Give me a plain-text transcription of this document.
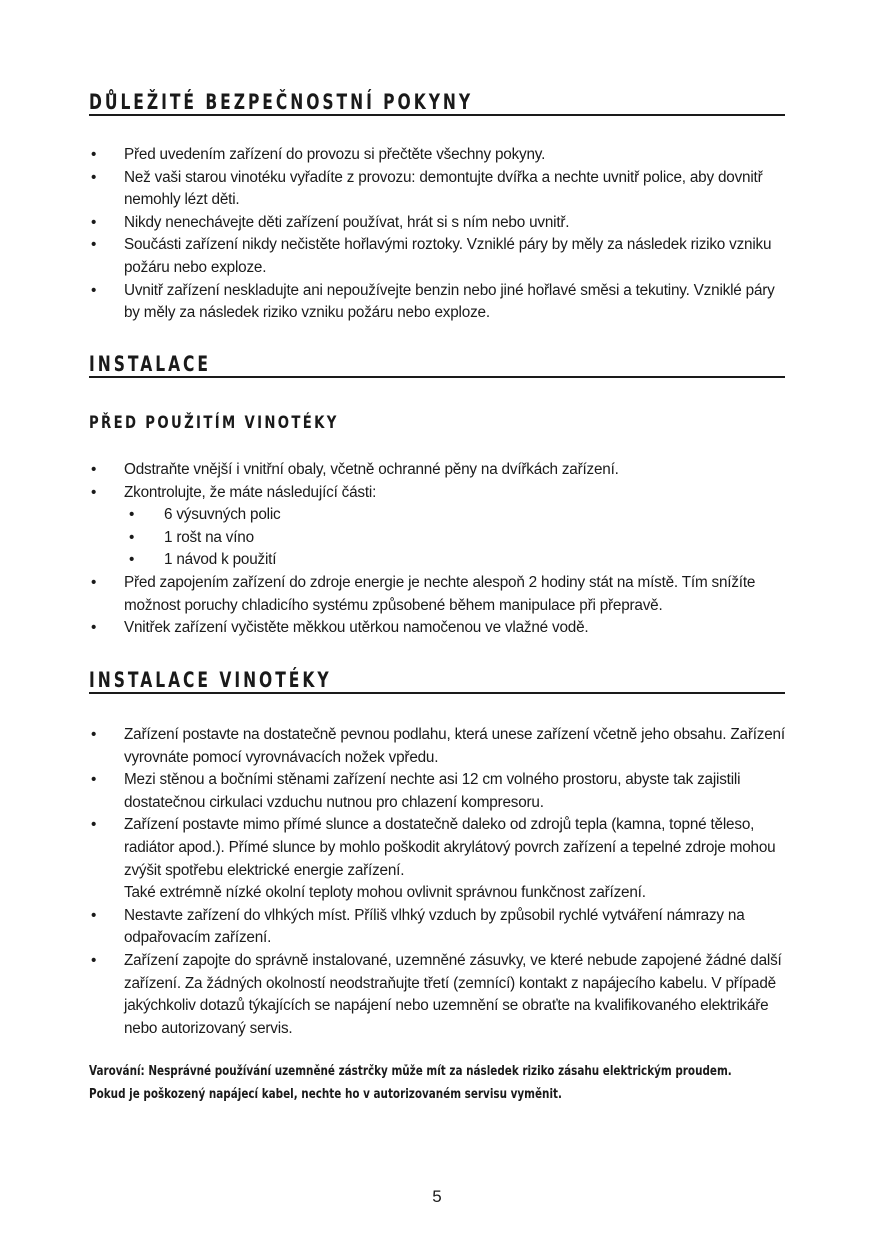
DŮLEŽITÉ BEZPEČNOSTNÍ POKYNY
• Před uvedením zařízení do provozu si přečtěte všechny pokyny.
• Než vaši starou vinotéku vyřadíte z provozu: demontujte dvířka a nechte uvnitř police, aby dovnitř nemohly lézt děti.
• Nikdy nenechávejte děti zařízení používat, hrát si s ním nebo uvnitř.
• Součásti zařízení nikdy nečistěte hořlavými roztoky. Vzniklé páry by měly za následek riziko vzniku požáru nebo exploze.
• Uvnitř zařízení neskladujte ani nepoužívejte benzin nebo jiné hořlavé směsi a tekutiny. Vzniklé páry by měly za následek riziko vzniku požáru nebo exploze.
INSTALACE
PŘED POUŽITÍM VINOTÉKY
• Odstraňte vnější i vnitřní obaly, včetně ochranné pěny na dvířkách zařízení.
• Zkontrolujte, že máte následující části:
• 6 výsuvných polic
• 1 rošt na víno
• 1 návod k použití
• Před zapojením zařízení do zdroje energie je nechte alespoň 2 hodiny stát na místě. Tím snížíte možnost poruchy chladicího systému způsobené během manipulace při přepravě.
• Vnitřek zařízení vyčistěte měkkou utěrkou namočenou ve vlažné vodě.
INSTALACE VINOTÉKY
• Zařízení postavte na dostatečně pevnou podlahu, která unese zařízení včetně jeho obsahu. Zařízení vyrovnáte pomocí vyrovnávacích nožek vpředu.
• Mezi stěnou a bočními stěnami zařízení nechte asi 12 cm volného prostoru, abyste tak zajistili dostatečnou cirkulaci vzduchu nutnou pro chlazení kompresoru.
• Zařízení postavte mimo přímé slunce a dostatečně daleko od zdrojů tepla (kamna, topné těleso, radiátor apod.). Přímé slunce by mohlo poškodit akrylátový povrch zařízení a tepelné zdroje mohou zvýšit spotřebu elektrické energie zařízení.
Také extrémně nízké okolní teploty mohou ovlivnit správnou funkčnost zařízení.
• Nestavte zařízení do vlhkých míst. Příliš vlhký vzduch by způsobil rychlé vytváření námrazy na odpařovacím zařízení.
• Zařízení zapojte do správně instalované, uzemněné zásuvky, ve které nebude zapojené žádné další zařízení. Za žádných okolností neodstraňujte třetí (zemnící) kontakt z napájecího kabelu. V případě jakýchkoliv dotazů týkajících se napájení nebo uzemnění se obraťte na kvalifikovaného elektrikáře nebo autorizovaný servis.
Varování: Nesprávné používání uzemněné zástrčky může mít za následek riziko zásahu elektrickým proudem.
Pokud je poškozený napájecí kabel, nechte ho v autorizovaném servisu vyměnit.
5
